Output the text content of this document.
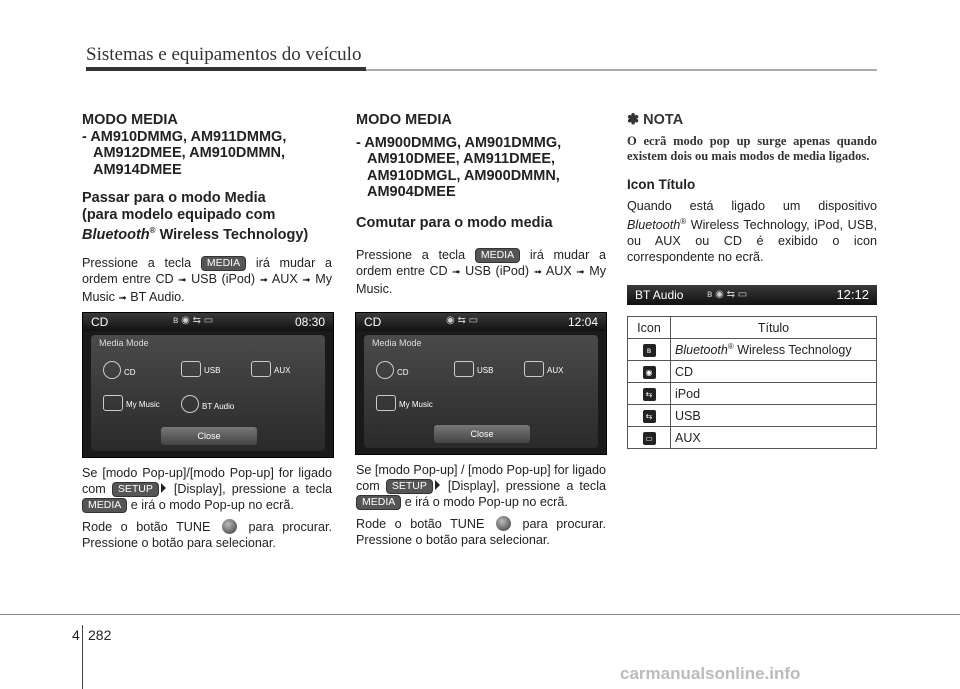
Sistemas e equipamentos do veículo
MODO MEDIA
- AM910DMMG, AM911DMMG,
AM912DMEE, AM910DMMN,
AM914DMEE
Passar para o modo Media
(para modelo equipado com
Bluetooth® Wireless Technology)
Pressione a tecla MEDIA irá mudar a ordem entre CD ➟ USB (iPod) ➟ AUX ➟ My Music ➟ BT Audio.
CD	ʙ ◉ ⇆ ▭	08:30
Media Mode
CD	USB	AUX
My Music	BT Audio
Close
Se [modo Pop-up]/[modo Pop-up] for ligado com SETUP [Display], pressione a tecla MEDIA e irá o modo Pop-up no ecrã.
Rode o botão TUNE  para procurar. Pressione o botão para selecionar.
MODO MEDIA
- AM900DMMG, AM901DMMG,
AM910DMEE, AM911DMEE,
AM910DMGL, AM900DMMN,
AM904DMEE
Comutar para o modo media
Pressione a tecla MEDIA irá mudar a ordem entre CD ➟ USB (iPod) ➟ AUX ➟ My Music.
CD	◉ ⇆ ▭	12:04
Media Mode
CD	USB	AUX
My Music
Close
Se [modo Pop-up] / [modo Pop-up] for ligado com SETUP [Display], pressione a tecla MEDIA e irá o modo Pop-up no ecrã.
Rode o botão TUNE  para procurar. Pressione o botão para selecionar.
✽ NOTA
O ecrã modo pop up surge apenas quando existem dois ou mais modos de media ligados.
Icon Título
Quando está ligado um dispositivo Bluetooth® Wireless Technology, iPod, USB, ou AUX ou CD é exibido o icon correspondente no ecrã.
BT Audio ʙ ◉ ⇆ ▭	12:12
Icon	Título
ʙ	Bluetooth® Wireless Technology
◉	CD
⇆	iPod
⇆	USB
▭	AUX
4 282
carmanualsonline.info
